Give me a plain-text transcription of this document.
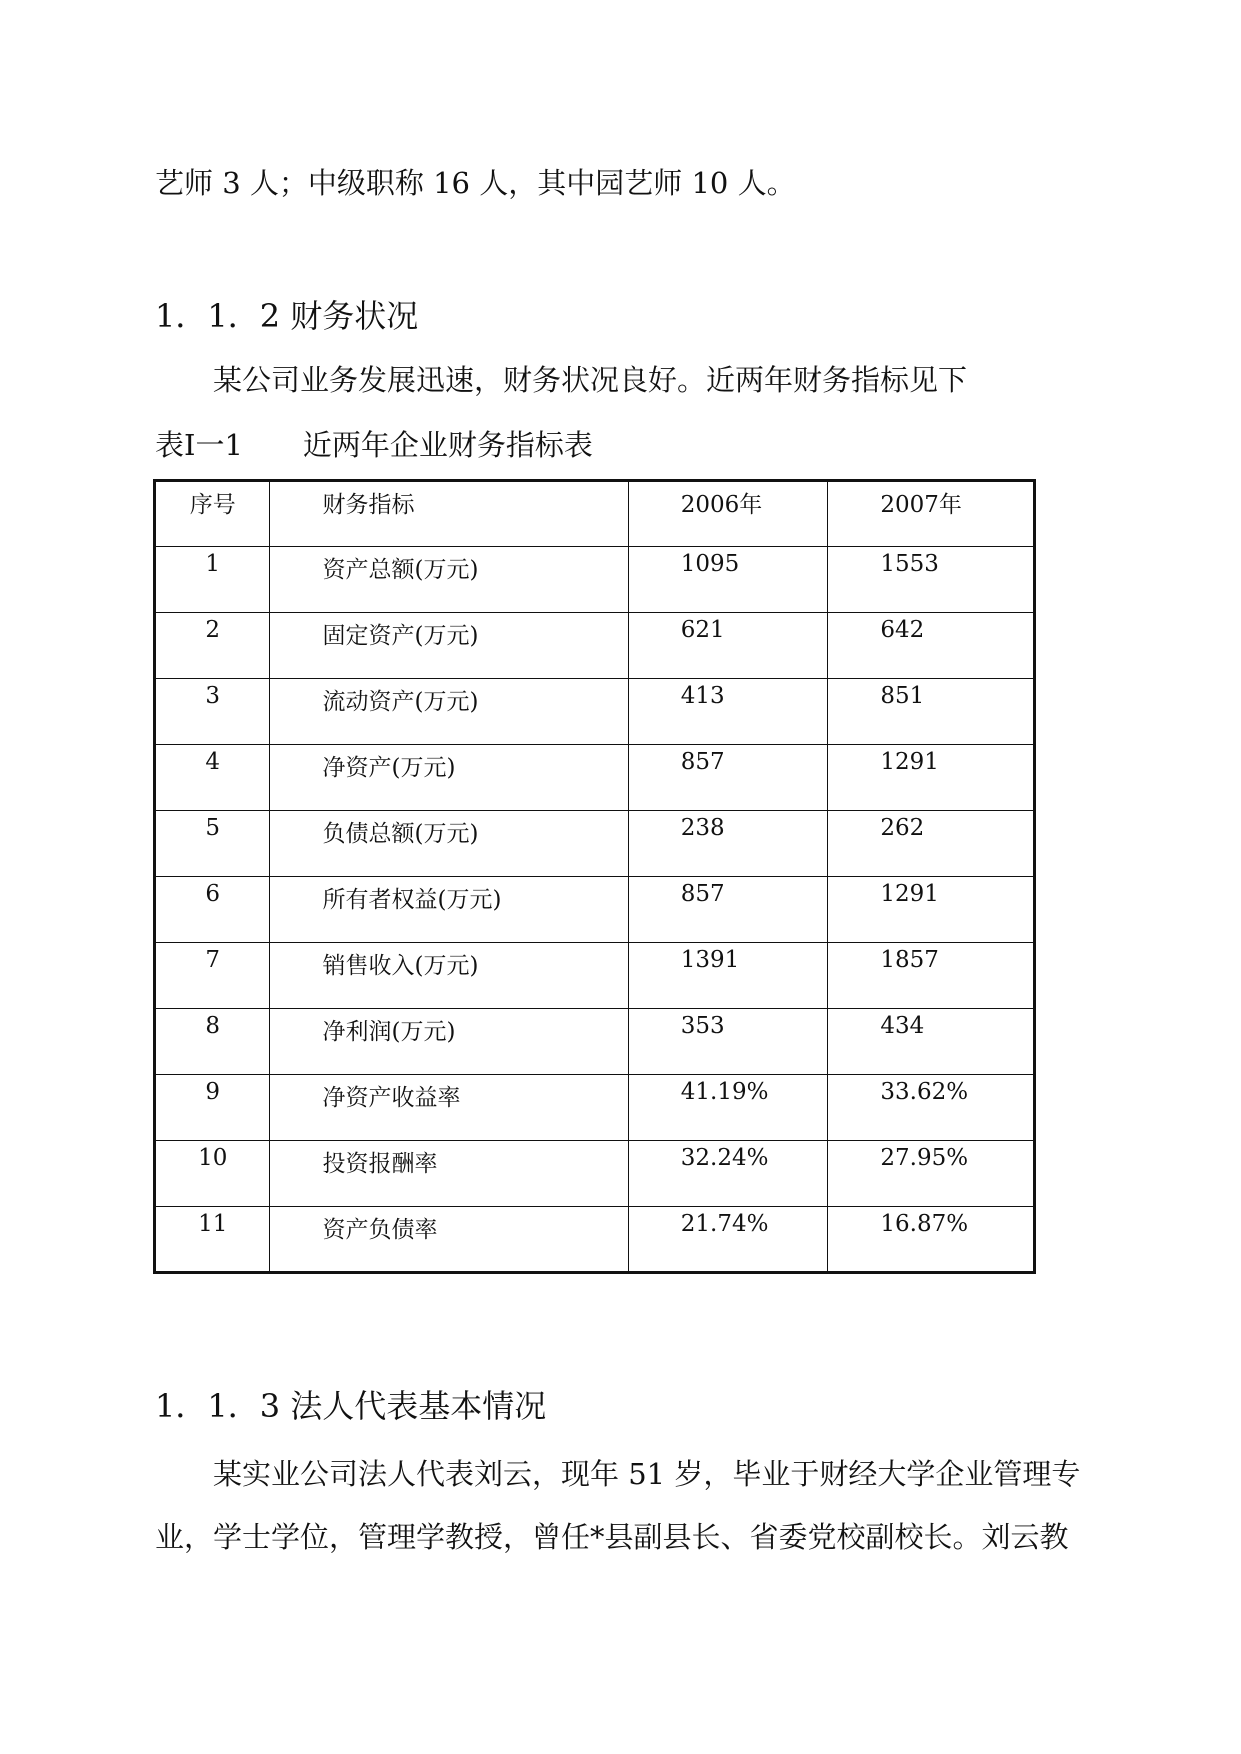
艺师 3 人；中级职称 16 人，其中园艺师 10 人。
1．1．2 财务状况
某公司业务发展迅速，财务状况良好。近两年财务指标见下
表Ⅰ一1 近两年企业财务指标表
序号	财务指标	2006年	2007年
1	资产总额(万元)	1095	1553
2	固定资产(万元)	621	642
3	流动资产(万元)	413	851
4	净资产(万元)	857	1291
5	负债总额(万元)	238	262
6	所有者权益(万元)	857	1291
7	销售收入(万元)	1391	1857
8	净利润(万元)	353	434
9	净资产收益率	41.19%	33.62%
10	投资报酬率	32.24%	27.95%
11	资产负债率	21.74%	16.87%
1．1．3 法人代表基本情况
某实业公司法人代表刘云，现年 51 岁，毕业于财经大学企业管理专
业，学士学位，管理学教授，曾任*县副县长、省委党校副校长。刘云教
